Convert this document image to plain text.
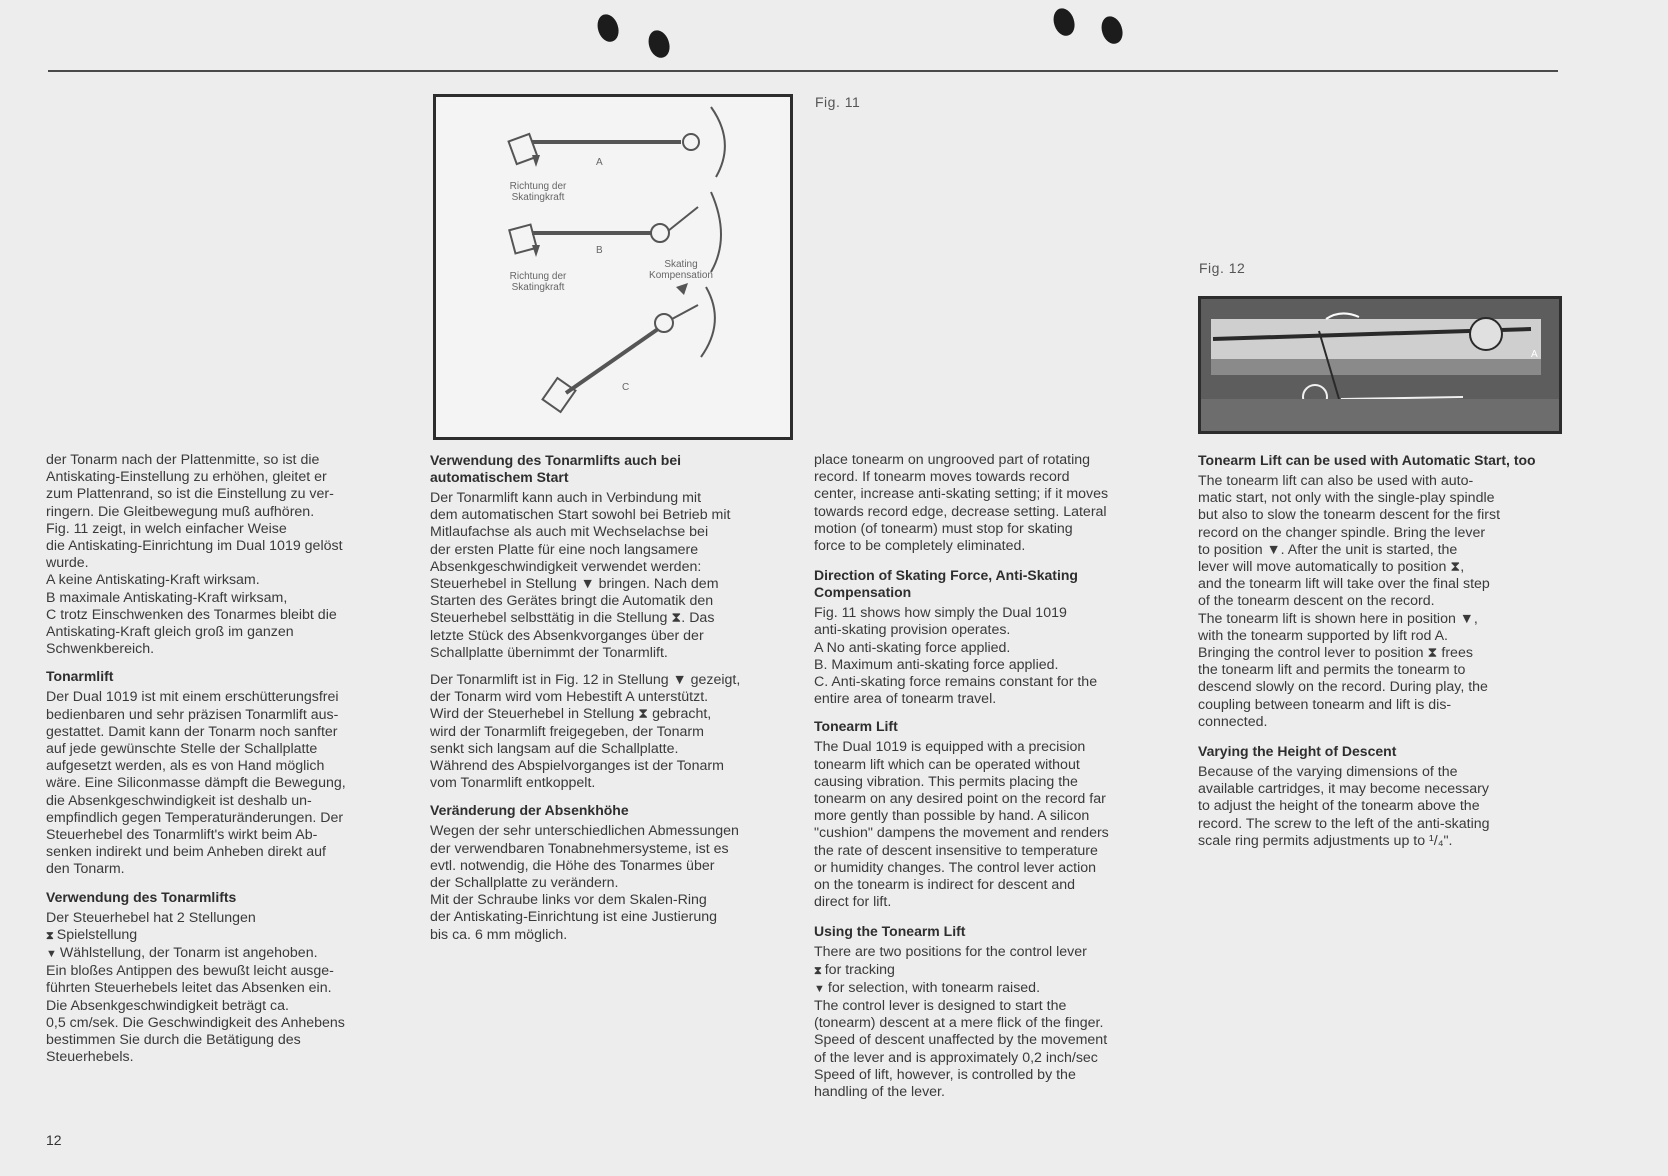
Richtung der Skatingkraft
Richtung der Skatingkraft
Skating Kompensation
A
B
C
Fig. 11
Fig. 12
A

der Tonarm nach der Plattenmitte, so ist die
Antiskating-Einstellung zu erhöhen, gleitet er
zum Plattenrand, so ist die Einstellung zu ver-
ringern. Die Gleitbewegung muß aufhören.
Fig. 11 zeigt, in welch einfacher Weise
die Antiskating-Einrichtung im Dual 1019 gelöst
wurde.
A keine Antiskating-Kraft wirksam.
B maximale Antiskating-Kraft wirksam,
C trotz Einschwenken des Tonarmes bleibt die
Antiskating-Kraft gleich groß im ganzen
Schwenkbereich.

Tonarmlift

Der Dual 1019 ist mit einem erschütterungsfrei
bedienbaren und sehr präzisen Tonarmlift aus-
gestattet. Damit kann der Tonarm noch sanfter
auf jede gewünschte Stelle der Schallplatte
aufgesetzt werden, als es von Hand möglich
wäre. Eine Siliconmasse dämpft die Bewegung,
die Absenkgeschwindigkeit ist deshalb un-
empfindlich gegen Temperaturänderungen. Der
Steuerhebel des Tonarmlift's wirkt beim Ab-
senken indirekt und beim Anheben direkt auf
den Tonarm.

Verwendung des Tonarmlifts

Der Steuerhebel hat 2 Stellungen
⧗ Spielstellung
▼ Wählstellung, der Tonarm ist angehoben.
Ein bloßes Antippen des bewußt leicht ausge-
führten Steuerhebels leitet das Absenken ein.
Die Absenkgeschwindigkeit beträgt ca.
0,5 cm/sek. Die Geschwindigkeit des Anhebens
bestimmen Sie durch die Betätigung des
Steuerhebels.

Verwendung des Tonarmlifts auch bei automatischem Start

Der Tonarmlift kann auch in Verbindung mit
dem automatischen Start sowohl bei Betrieb mit
Mitlaufachse als auch mit Wechselachse bei
der ersten Platte für eine noch langsamere
Absenkgeschwindigkeit verwendet werden:
Steuerhebel in Stellung ▼ bringen. Nach dem
Starten des Gerätes bringt die Automatik den
Steuerhebel selbsttätig in die Stellung ⧗. Das
letzte Stück des Absenkvorganges über der
Schallplatte übernimmt der Tonarmlift.

Der Tonarmlift ist in Fig. 12 in Stellung ▼ gezeigt,
der Tonarm wird vom Hebestift A unterstützt.
Wird der Steuerhebel in Stellung ⧗ gebracht,
wird der Tonarmlift freigegeben, der Tonarm
senkt sich langsam auf die Schallplatte.
Während des Abspielvorganges ist der Tonarm
vom Tonarmlift entkoppelt.

Veränderung der Absenkhöhe

Wegen der sehr unterschiedlichen Abmessungen
der verwendbaren Tonabnehmersysteme, ist es
evtl. notwendig, die Höhe des Tonarmes über
der Schallplatte zu verändern.
Mit der Schraube links vor dem Skalen-Ring
der Antiskating-Einrichtung ist eine Justierung
bis ca. 6 mm möglich.

place tonearm on ungrooved part of rotating
record. If tonearm moves towards record
center, increase anti-skating setting; if it moves
towards record edge, decrease setting. Lateral
motion (of tonearm) must stop for skating
force to be completely eliminated.

Direction of Skating Force, Anti-Skating Compensation

Fig. 11 shows how simply the Dual 1019
anti-skating provision operates.
A No anti-skating force applied.
B. Maximum anti-skating force applied.
C. Anti-skating force remains constant for the
entire area of tonearm travel.

Tonearm Lift

The Dual 1019 is equipped with a precision
tonearm lift which can be operated without
causing vibration. This permits placing the
tonearm on any desired point on the record far
more gently than possible by hand. A silicon
"cushion" dampens the movement and renders
the rate of descent insensitive to temperature
or humidity changes. The control lever action
on the tonearm is indirect for descent and
direct for lift.

Using the Tonearm Lift

There are two positions for the control lever
⧗ for tracking
▼ for selection, with tonearm raised.
The control lever is designed to start the
(tonearm) descent at a mere flick of the finger.
Speed of descent unaffected by the movement
of the lever and is approximately 0,2 inch/sec
Speed of lift, however, is controlled by the
handling of the lever.

Tonearm Lift can be used with Automatic Start, too

The tonearm lift can also be used with auto-
matic start, not only with the single-play spindle
but also to slow the tonearm descent for the first
record on the changer spindle. Bring the lever
to position ▼. After the unit is started, the
lever will move automatically to position ⧗,
and the tonearm lift will take over the final step
of the tonearm descent on the record.
The tonearm lift is shown here in position ▼,
with the tonearm supported by lift rod A.
Bringing the control lever to position ⧗ frees
the tonearm lift and permits the tonearm to
descend slowly on the record. During play, the
coupling between tonearm and lift is dis-
connected.

Varying the Height of Descent

Because of the varying dimensions of the
available cartridges, it may become necessary
to adjust the height of the tonearm above the
record. The screw to the left of the anti-skating
scale ring permits adjustments up to ¹/₄".

12
